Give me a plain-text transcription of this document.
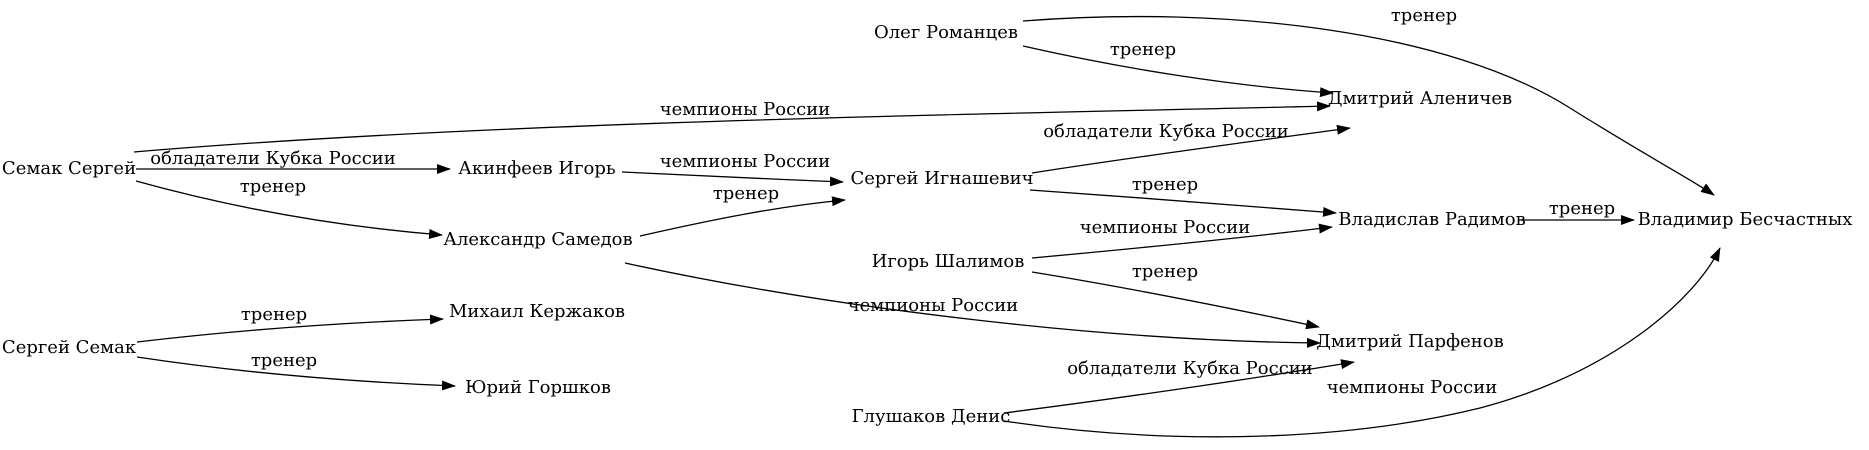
обладатели Кубка России
тренер
чемпионы России
чемпионы России
тренер
чемпионы России
тренер
тренер
тренер
тренер
обладатели Кубка России
тренер
чемпионы России
тренер
обладатели Кубка России
чемпионы России
тренер
Семак Сергей
Сергей Семак
Акинфеев Игорь
Александр Самедов
Михаил Кержаков
Юрий Горшков
Олег Романцев
Сергей Игнашевич
Игорь Шалимов
Глушаков Денис
Дмитрий Аленичев
Владислав Радимов
Дмитрий Парфенов
Владимир Бесчастных
